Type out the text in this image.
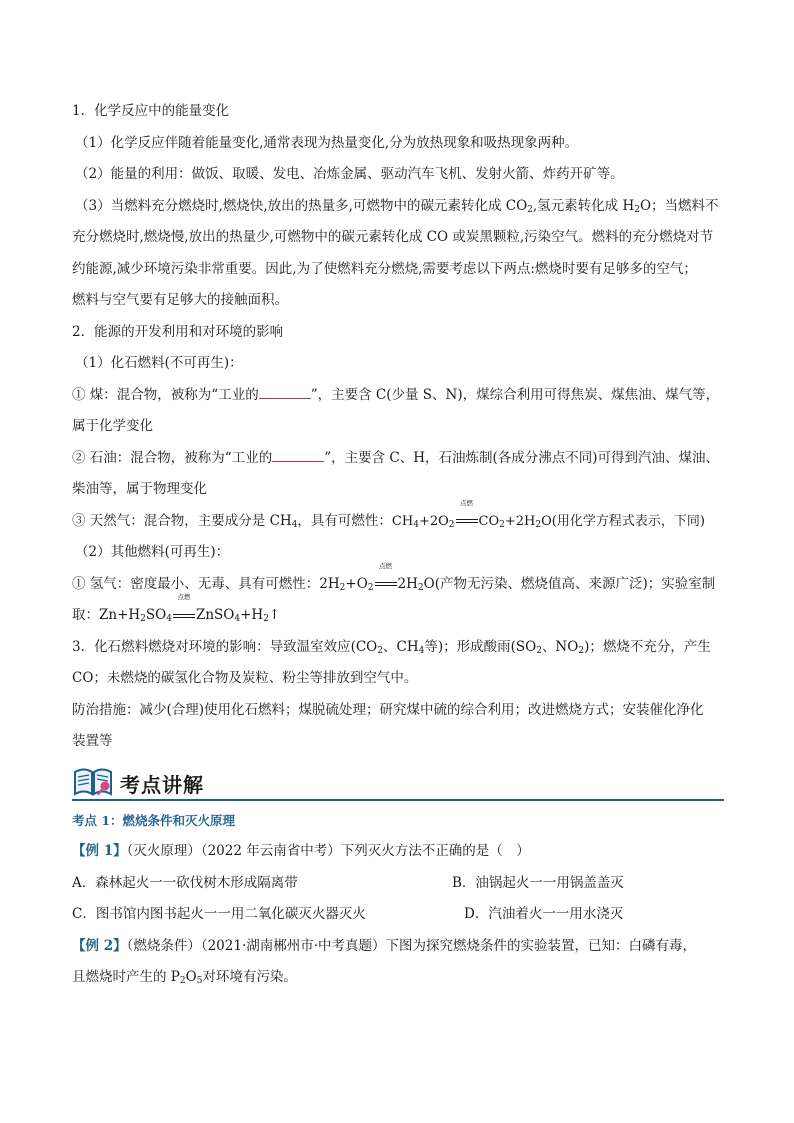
1．化学反应中的能量变化
（1）化学反应伴随着能量变化,通常表现为热量变化,分为放热现象和吸热现象两种。
（2）能量的利用：做饭、取暖、发电、冶炼金属、驱动汽车飞机、发射火箭、炸药开矿等。
（3）当燃料充分燃烧时,燃烧快,放出的热量多,可燃物中的碳元素转化成 $CO_2$,氢元素转化成 $H_2O$；当燃料不
充分燃烧时,燃烧慢,放出的热量少,可燃物中的碳元素转化成 CO 或炭黑颗粒,污染空气。燃料的充分燃烧对节
约能源,减少环境污染非常重要。因此,为了使燃料充分燃烧,需要考虑以下两点:燃烧时要有足够多的空气；
燃料与空气要有足够大的接触面积。
2．能源的开发利用和对环境的影响
（1）化石燃料(不可再生)：
① 煤：混合物，被称为“工业的	”，主要含 C(少量 S、N)，煤综合利用可得焦炭、煤焦油、煤气等，
属于化学变化
② 石油：混合物，被称为“工业的	”，主要含 C、H，石油炼制(各成分沸点不同)可得到汽油、煤油、
柴油等，属于物理变化
③ 天然气：混合物，主要成分是 $CH_4$，具有可燃性：$CH_4+2O_2$
点燃
$CO_2+2H_2O$(用化学方程式表示，下同)
（2）其他燃料(可再生)：
① 氢气：密度最小、无毒、具有可燃性：$2H_2+O_2$
点燃
$2H_2O$(产物无污染、燃烧值高、来源广泛)；实验室制
取：$Zn+H_2SO_4$
点燃
$ZnSO_4+H_2↑$
3．化石燃料燃烧对环境的影响：导致温室效应($CO_2$、$CH_4$等)；形成酸雨($SO_2$、$NO_2$)；燃烧不充分，产生
CO；未燃烧的碳氢化合物及炭粒、粉尘等排放到空气中。
防治措施：减少(合理)使用化石燃料；煤脱硫处理；研究煤中硫的综合利用；改进燃烧方式；安装催化净化
装置等
考点讲解
考点 1：燃烧条件和灭火原理
【例 1】（灭火原理）（2022 年云南省中考）下列灭火方法不正确的是（　）
A．森林起火一一砍伐树木形成隔离带	B．油锅起火一一用锅盖盖灭
C．图书馆内图书起火一一用二氧化碳灭火器灭火	D．汽油着火一一用水浇灭
【例 2】（燃烧条件）（2021·湖南郴州市·中考真题）下图为探究燃烧条件的实验装置，已知：白磷有毒，
且燃烧时产生的 $P_2O_5$对环境有污染。
